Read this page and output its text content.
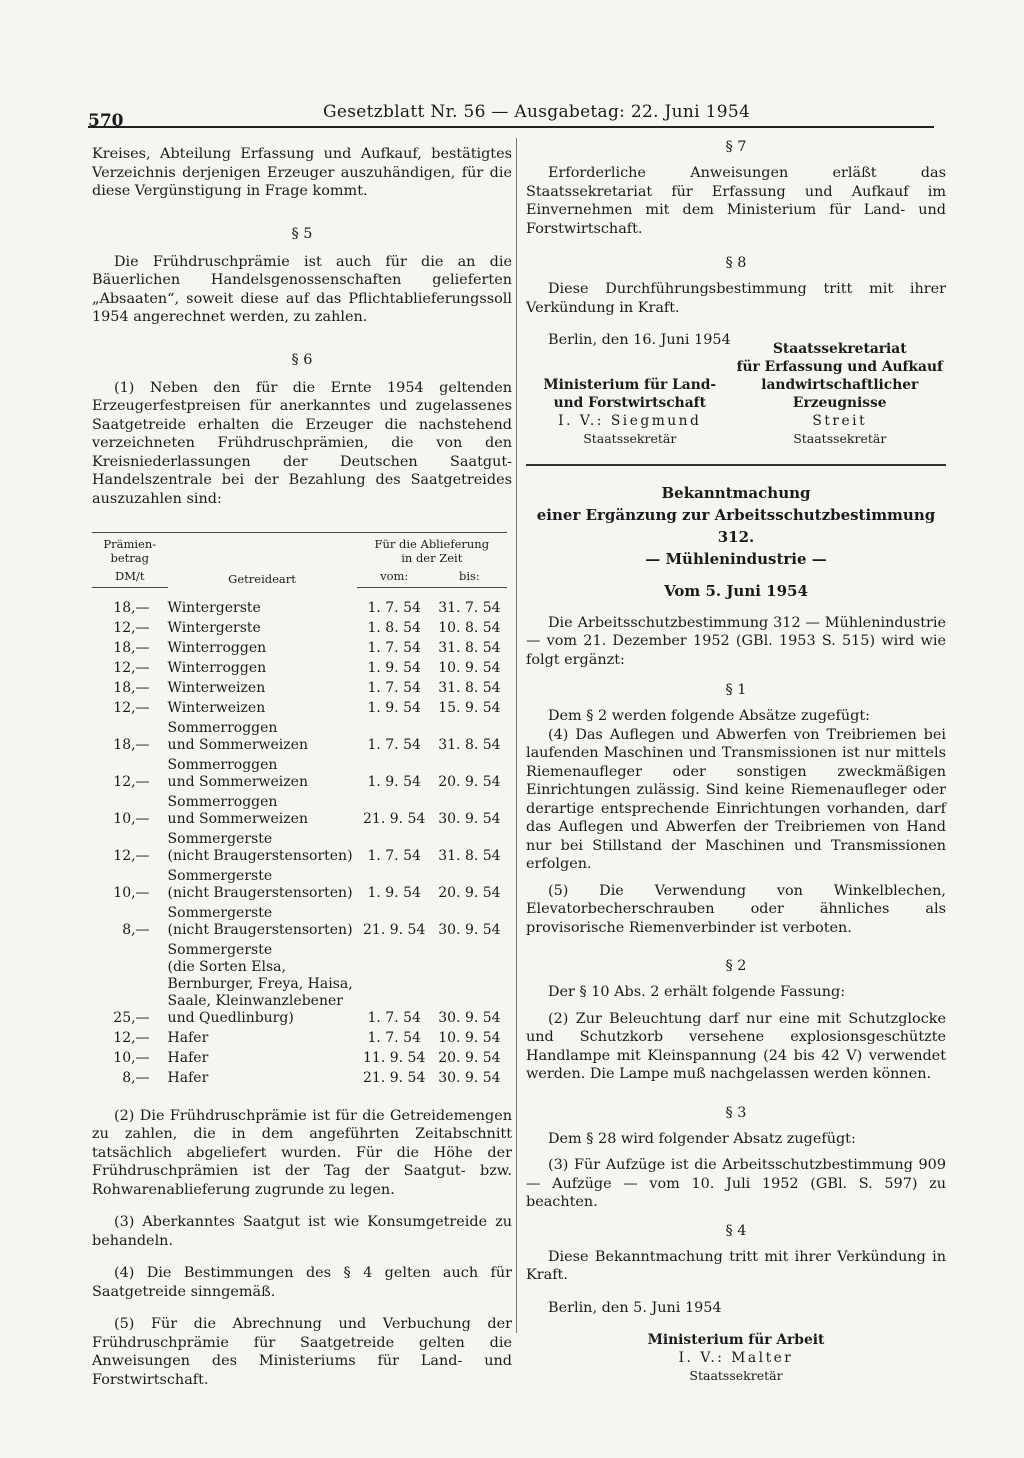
570	Gesetzblatt Nr. 56 — Ausgabetag: 22. Juni 1954

Kreises, Abteilung Erfassung und Aufkauf, bestätigtes Verzeichnis derjenigen Erzeuger auszuhändigen, für die diese Vergünstigung in Frage kommt.

§ 5

Die Frühdruschprämie ist auch für die an die Bäuerlichen Handelsgenossenschaften gelieferten „Absaaten“, soweit diese auf das Pflichtablieferungssoll 1954 angerechnet werden, zu zahlen.

§ 6

(1) Neben den für die Ernte 1954 geltenden Erzeugerfestpreisen für anerkanntes und zugelassenes Saatgetreide erhalten die Erzeuger die nachstehend verzeichneten Frühdruschprämien, die von den Kreisniederlassungen der Deutschen Saatgut-Handelszentrale bei der Bezahlung des Saatgetreides auszuzahlen sind:

Prämien-
betrag	Getreideart	Für die Ablieferung
in der Zeit	
DM/t		vom:	bis:
18,—	Wintergerste	1. 7. 54	31. 7. 54
12,—	Wintergerste	1. 8. 54	10. 8. 54
18,—	Winterroggen	1. 7. 54	31. 8. 54
12,—	Winterroggen	1. 9. 54	10. 9. 54
18,—	Winterweizen	1. 7. 54	31. 8. 54
12,—	Winterweizen	1. 9. 54	15. 9. 54
18,—	Sommerroggen
und Sommerweizen	1. 7. 54	31. 8. 54
12,—	Sommerroggen
und Sommerweizen	1. 9. 54	20. 9. 54
10,—	Sommerroggen
und Sommerweizen	21. 9. 54	30. 9. 54
12,—	Sommergerste
(nicht Braugerstensorten)	1. 7. 54	31. 8. 54
10,—	Sommergerste
(nicht Braugerstensorten)	1. 9. 54	20. 9. 54
8,—	Sommergerste
(nicht Braugerstensorten)	21. 9. 54	30. 9. 54
25,—	Sommergerste
(die Sorten Elsa, Bernburger, Freya, Haisa, Saale, Kleinwanzlebener
und Quedlinburg)	1. 7. 54	30. 9. 54
12,—	Hafer	1. 7. 54	10. 9. 54
10,—	Hafer	11. 9. 54	20. 9. 54
8,—	Hafer	21. 9. 54	30. 9. 54

(2) Die Frühdruschprämie ist für die Getreidemengen zu zahlen, die in dem angeführten Zeitabschnitt tatsächlich abgeliefert wurden. Für die Höhe der Frühdruschprämien ist der Tag der Saatgut- bzw. Rohwarenablieferung zugrunde zu legen.

(3) Aberkanntes Saatgut ist wie Konsumgetreide zu behandeln.

(4) Die Bestimmungen des § 4 gelten auch für Saatgetreide sinngemäß.

(5) Für die Abrechnung und Verbuchung der Frühdruschprämie für Saatgetreide gelten die Anweisungen des Ministeriums für Land- und Forstwirtschaft.

§ 7

Erforderliche Anweisungen erläßt das Staatssekretariat für Erfassung und Aufkauf im Einvernehmen mit dem Ministerium für Land- und Forstwirtschaft.

§ 8

Diese Durchführungsbestimmung tritt mit ihrer Verkündung in Kraft.

Berlin, den 16. Juni 1954

Ministerium für Land-
und Forstwirtschaft
I. V.: Siegmund
Staatssekretär
Staatssekretariat
für Erfassung und Aufkauf
landwirtschaftlicher
Erzeugnisse
Streit
Staatssekretär
Bekanntmachung
einer Ergänzung zur Arbeitsschutzbestimmung 312.
— Mühlenindustrie —
Vom 5. Juni 1954

Die Arbeitsschutzbestimmung 312 — Mühlenindustrie — vom 21. Dezember 1952 (GBl. 1953 S. 515) wird wie folgt ergänzt:

§ 1

Dem § 2 werden folgende Absätze zugefügt:

(4) Das Auflegen und Abwerfen von Treibriemen bei laufenden Maschinen und Transmissionen ist nur mittels Riemenaufleger oder sonstigen zweckmäßigen Einrichtungen zulässig. Sind keine Riemenaufleger oder derartige entsprechende Einrichtungen vorhanden, darf das Auflegen und Abwerfen der Treibriemen von Hand nur bei Stillstand der Maschinen und Transmissionen erfolgen.

(5) Die Verwendung von Winkelblechen, Elevatorbecherschrauben oder ähnliches als provisorische Riemenverbinder ist verboten.

§ 2

Der § 10 Abs. 2 erhält folgende Fassung:

(2) Zur Beleuchtung darf nur eine mit Schutzglocke und Schutzkorb versehene explosionsgeschützte Handlampe mit Kleinspannung (24 bis 42 V) verwendet werden. Die Lampe muß nachgelassen werden können.

§ 3

Dem § 28 wird folgender Absatz zugefügt:

(3) Für Aufzüge ist die Arbeitsschutzbestimmung 909 — Aufzüge — vom 10. Juli 1952 (GBl. S. 597) zu beachten.

§ 4

Diese Bekanntmachung tritt mit ihrer Verkündung in Kraft.

Berlin, den 5. Juni 1954

Ministerium für Arbeit
I. V.: Malter
Staatssekretär
